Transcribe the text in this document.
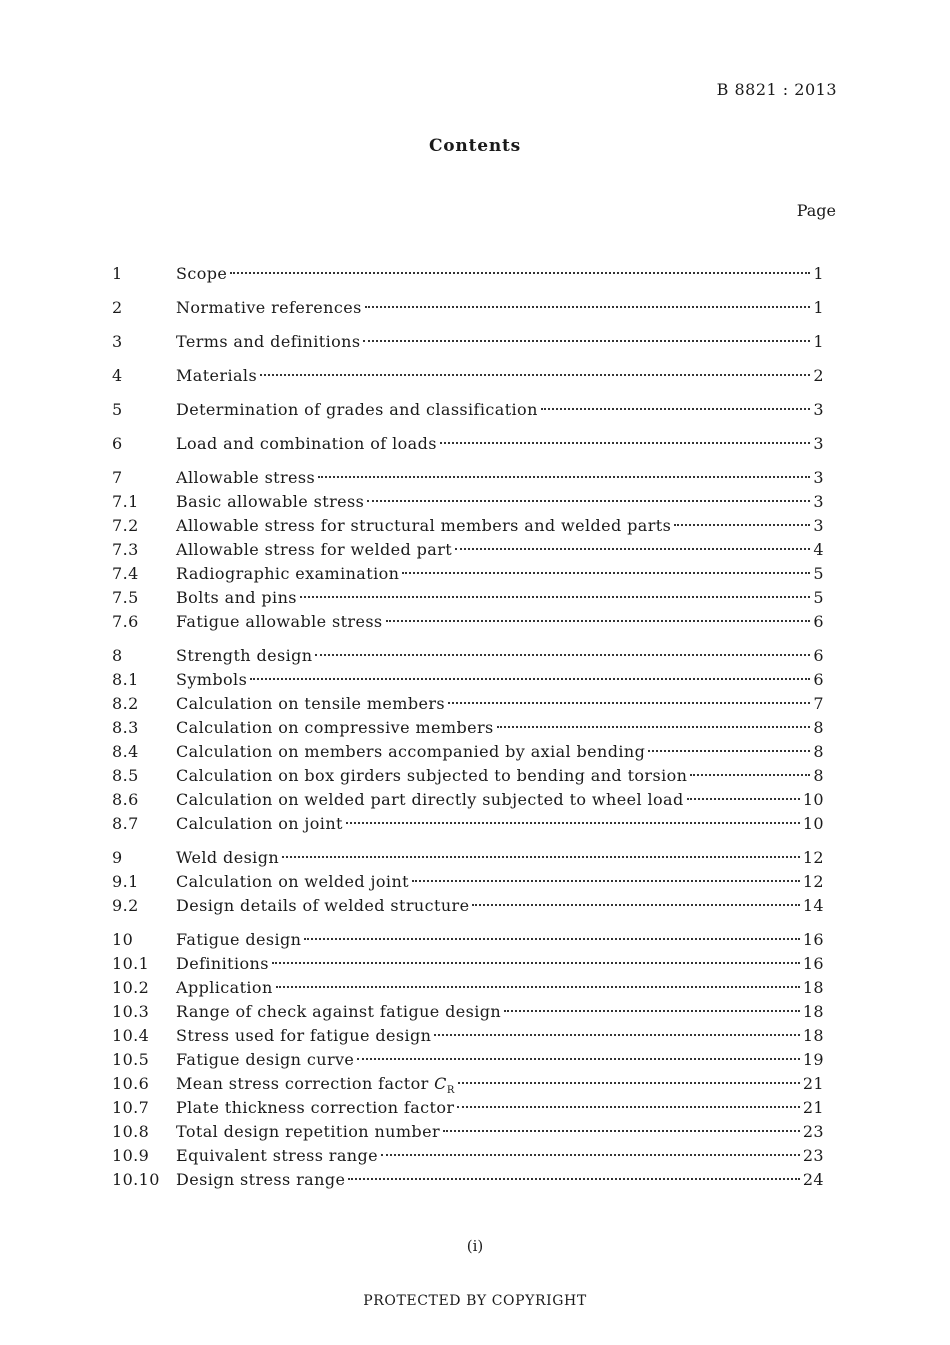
B 8821 : 2013
Contents
Page
1	Scope	1
2	Normative references	1
3	Terms and definitions	1
4	Materials	2
5	Determination of grades and classification	3
6	Load and combination of loads	3
7	Allowable stress	3
7.1	Basic allowable stress	3
7.2	Allowable stress for structural members and welded parts	3
7.3	Allowable stress for welded part	4
7.4	Radiographic examination	5
7.5	Bolts and pins	5
7.6	Fatigue allowable stress	6
8	Strength design	6
8.1	Symbols	6
8.2	Calculation on tensile members	7
8.3	Calculation on compressive members	8
8.4	Calculation on members accompanied by axial bending	8
8.5	Calculation on box girders subjected to bending and torsion	8
8.6	Calculation on welded part directly subjected to wheel load	10
8.7	Calculation on joint	10
9	Weld design	12
9.1	Calculation on welded joint	12
9.2	Design details of welded structure	14
10	Fatigue design	16
10.1	Definitions	16
10.2	Application	18
10.3	Range of check against fatigue design	18
10.4	Stress used for fatigue design	18
10.5	Fatigue design curve	19
10.6	Mean stress correction factor $C_R$	21
10.7	Plate thickness correction factor	21
10.8	Total design repetition number	23
10.9	Equivalent stress range	23
10.10	Design stress range	24
(i)
PROTECTED BY COPYRIGHT
